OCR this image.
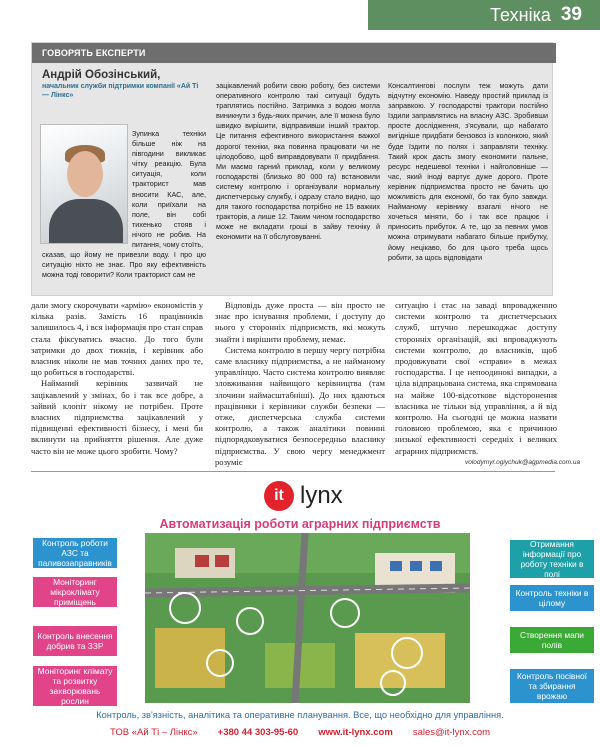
Техніка 39
ГОВОРЯТЬ ЕКСПЕРТИ
Андрій Обозінський,
начальник служби підтримки компанії «Ай Ті — Лінкс»
Зупинка техніки більше ніж на півгодини викликає чітку реакцію. Була ситуація, коли тракторист мав вносити КАС, але, коли приїхали на поле, він собі тихенько стояв і нічого не робив. На питання, чому стоїть,
сказав, що йому не привезли воду. І про цю ситуацію ніхто не знає. Про яку ефективність можна тоді говорити? Коли тракторист сам не
зацікавлений робити свою роботу, без системи оперативного контролю такі ситуації будуть траплятись постійно. Затримка з водою могла виникнути з будь-яких причин, але її можна було швидко вирішити, відправивши інший трактор. Це питання ефективного використання важкої дорогої техніки, яка повинна працювати чи не цілодобово, щоб виправдовувати її придбання. Ми маємо гарний приклад, коли у великому господарстві (близько 80 000 га) встановили систему контролю і організували нормальну диспетчерську службу, і одразу стало видно, що для такого господарства потрібно не 15 важких тракторів, а лише 12. Таким чином господарство може не вкладати гроші в зайву техніку й економити на її обслуговуванні.
Консалтингові послуги теж можуть дати відчутну економію. Наведу простий приклад із заправкою. У господарстві трактори постійно їздили заправлятись на власну АЗС. Зробивши просте дослідження, з'ясували, що набагато вигідніше придбати бензовоз із колонкою, який буде їздити по полях і заправляти техніку. Такий крок дасть змогу економити пальне, ресурс недешевої техніки і найголовніше — час, який іноді вартує дуже дорого. Проте керівник підприємства просто не бачить цю можливість для економії, бо так було завжди. Найманому керівнику взагалі нічого не хочеться міняти, бо і так все працює і приносить прибуток. А те, що за певних умов можна отримувати набагато більше прибутку, йому нецікаво, бо для цього треба щось робити, за щось відповідати

дали змогу скорочувати «армію» економістів у кілька разів. Замість 16 працівників залишилось 4, і вся інформація про стан справ стала фіксуватись вчасно. До того були затримки до двох тижнів, і керівник або власник ніколи не мав точних даних про те, що робиться в господарстві.

Найманий керівник зазвичай не зацікавлений у змінах, бо і так все добре, а зайвий клопіт нікому не потрібен. Проте власних підприємства зацікавлений у підвищенні ефективності бізнесу, і мені би вклинути на прийняття рішення. Але дуже часто він не може цього зробити. Чому?

Відповідь дуже проста — він просто не знає про існування проблеми, і доступу до нього у сторонніх підприємств, які можуть знайти і вирішити проблему, немає.

Система контролю в першу чергу потрібна саме власнику підприємства, а не найманому управлінцю. Часто система контролю виявляє зловживання найвищого керівництва (там злочини наймасштабніші). До них вдаються працівники і керівники служби безпеки — отже, диспетчерська служба системи контролю, а також аналітики повинні підпорядковуватися безпосередньо власнику підприємства. У свою чергу менеджмент розуміє

ситуацію і стає на заваді впровадженню системи контролю та диспетчерських служб, штучно перешкоджає доступу сторонніх організацій, які впроваджують системи контролю, до власників, щоб продовжувати свої «справи» в межах господарства. І це непоодинокі випадки, а ціла відпрацьована система, яка спрямована на майже 100-відсоткове відсторонення власника не тільки від управління, а й від контролю. На сьогодні це можна назвати головною проблемою, яка є причиною низької ефективності середніх і великих аграрних підприємств.

volodymyr.ogiychuk@agpmedia.com.ua
it lynx
Автоматизація роботи аграрних підприємств
Контроль роботи АЗС та паливозаправників
Моніторинг мікроклімату приміщень
Контроль внесення добрив та ЗЗР
Моніторинг клімату та розвитку захворювань рослин
Отримання інформації про роботу техніки в полі
Контроль техніки в цілому
Створення мапи полів
Контроль посівної та збирання врожаю
Контроль, зв'язність, аналітика та оперативне планування. Все, що необхідно для управління.
ТОВ «Ай Ті – Лінкс» +380 44 303-95-60 www.it-lynx.com sales@it-lynx.com
